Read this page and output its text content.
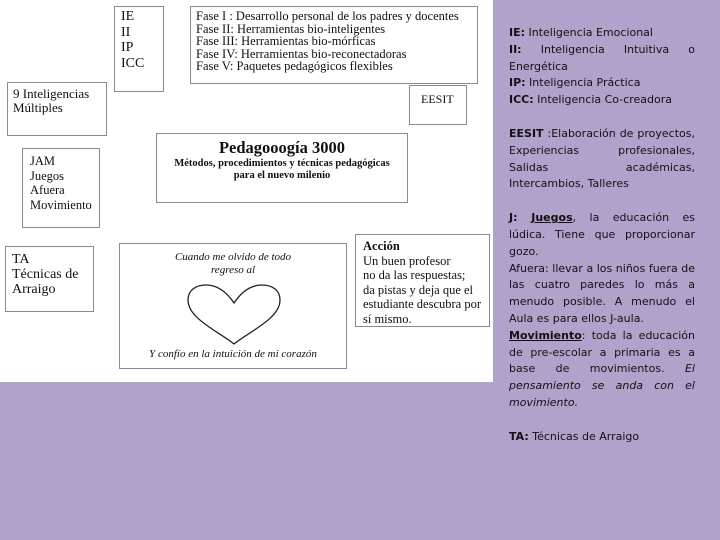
IE
II
IP
ICC
Fase I : Desarrollo personal de los padres y docentes
Fase II: Herramientas bio-inteligentes
Fase III: Herramientas bio-mórficas
Fase IV: Herramientas bio-reconectadoras
Fase V: Paquetes pedagógicos flexibles
9 Inteligencias
Múltiples
EESIT
Pedagooogía 3000
Métodos, procedimientos y técnicas pedagógicas
para el nuevo milenio
JAM
Juegos
Afuera
Movimiento
TA
Técnicas de
Arraigo
Cuando me olvido de todo
regreso al
Y confío en la intuición de mi corazón
Acción
Un buen profesor
no da las respuestas;
da pistas y deja que el
estudiante descubra por
sí mismo.

IE: Inteligencia Emocional

II: Inteligencia Intuitiva o Energética

IP: Inteligencia Práctica

ICC: Inteligencia Co-creadora

EESIT :Elaboración de proyectos, Experiencias profesionales, Salidas académicas, Intercambios, Talleres

J: Juegos, la educación es lúdica. Tiene que proporcionar gozo.

Afuera: llevar a los niños fuera de las cuatro paredes lo más a menudo posible. A menudo el Aula es para ellos J-aula.

Movimiento: toda la educación de pre-escolar a primaria es a base de movimientos. El pensamiento se anda con el movimiento.

TA: Técnicas de Arraigo
